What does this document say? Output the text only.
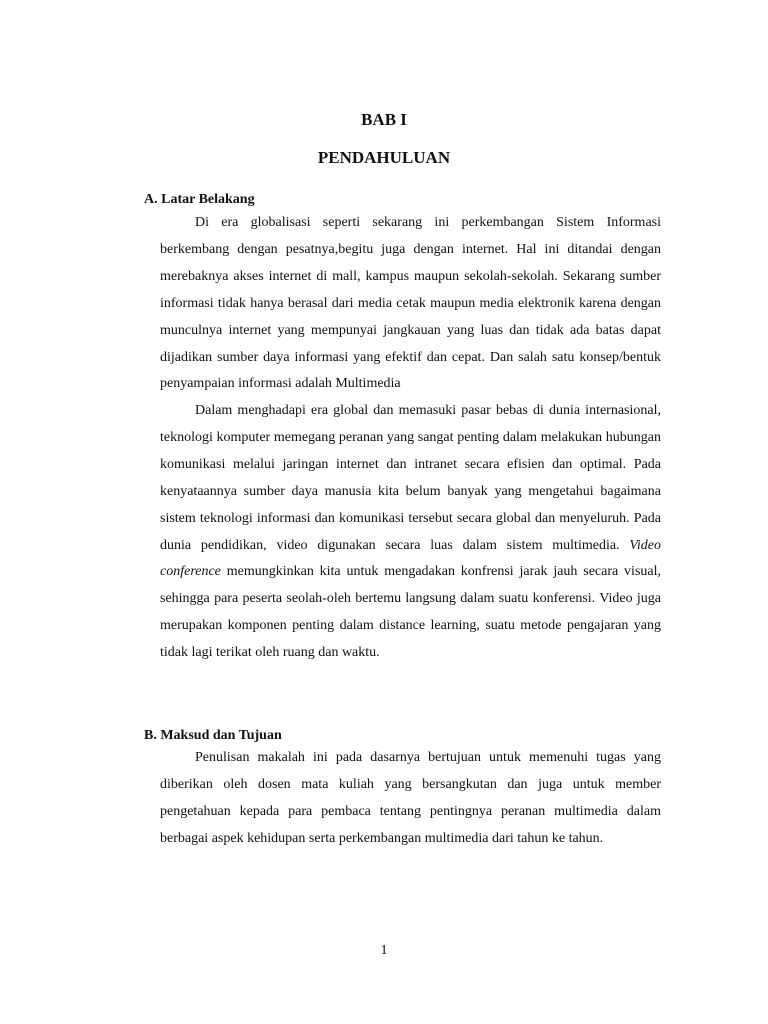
BAB I
PENDAHULUAN
A. Latar Belakang

Di era globalisasi seperti sekarang ini perkembangan Sistem Informasi berkembang dengan pesatnya,begitu juga dengan internet. Hal ini ditandai dengan merebaknya akses internet di mall, kampus maupun sekolah-sekolah. Sekarang sumber informasi tidak hanya berasal dari media cetak maupun media elektronik karena dengan munculnya internet yang mempunyai jangkauan yang luas dan tidak ada batas dapat dijadikan sumber daya informasi yang efektif dan cepat. Dan salah satu konsep/bentuk penyampaian informasi adalah Multimedia

Dalam menghadapi era global dan memasuki pasar bebas di dunia internasional, teknologi komputer memegang peranan yang sangat penting dalam melakukan hubungan komunikasi melalui jaringan internet dan intranet secara efisien dan optimal. Pada kenyataannya sumber daya manusia kita belum banyak yang mengetahui bagaimana sistem teknologi informasi dan komunikasi tersebut secara global dan menyeluruh. Pada dunia pendidikan, video digunakan secara luas dalam sistem multimedia. Video conference memungkinkan kita untuk mengadakan konfrensi jarak jauh secara visual, sehingga para peserta seolah-oleh bertemu langsung dalam suatu konferensi. Video juga merupakan komponen penting dalam distance learning, suatu metode pengajaran yang tidak lagi terikat oleh ruang dan waktu.

B. Maksud dan Tujuan

Penulisan makalah ini pada dasarnya bertujuan untuk memenuhi tugas yang diberikan oleh dosen mata kuliah yang bersangkutan dan juga untuk member pengetahuan kepada para pembaca tentang pentingnya peranan multimedia dalam berbagai aspek kehidupan serta perkembangan multimedia dari tahun ke tahun.

1
